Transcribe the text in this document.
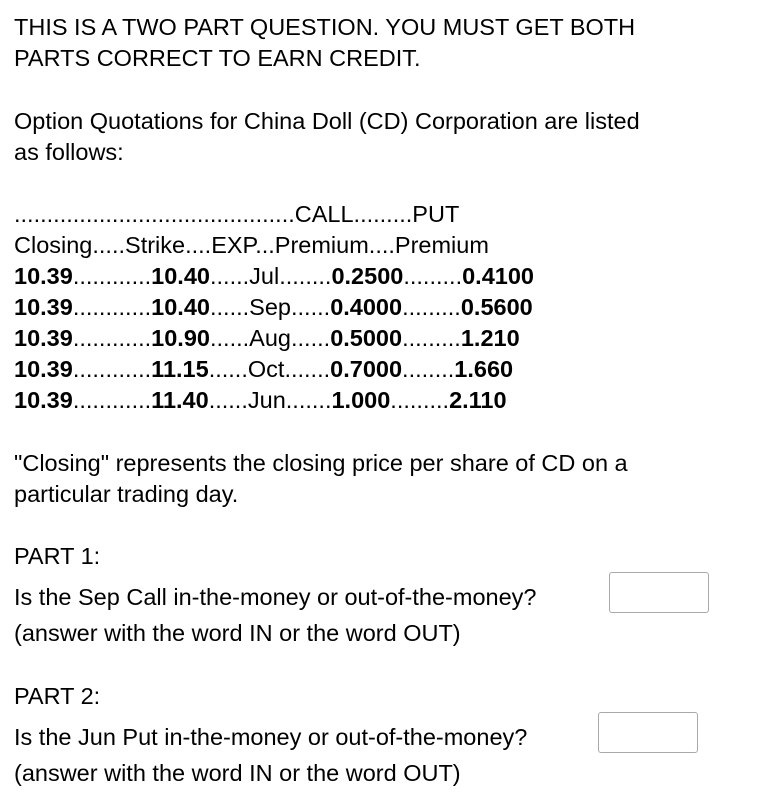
THIS IS A TWO PART QUESTION. YOU MUST GET BOTH
PARTS CORRECT TO EARN CREDIT.
Option Quotations for China Doll (CD) Corporation are listed
as follows:
...........................................CALL.........PUT
Closing.....Strike....EXP...Premium....Premium
10.39............10.40......Jul........0.2500.........0.4100
10.39............10.40......Sep......0.4000.........0.5600
10.39............10.90......Aug......0.5000.........1.210
10.39............11.15......Oct.......0.7000........1.660
10.39............11.40......Jun.......1.000.........2.110
"Closing" represents the closing price per share of CD on a
particular trading day.
PART 1:
Is the Sep Call in-the-money or out-of-the-money?
(answer with the word IN or the word OUT)
PART 2:
Is the Jun Put in-the-money or out-of-the-money?
(answer with the word IN or the word OUT)
